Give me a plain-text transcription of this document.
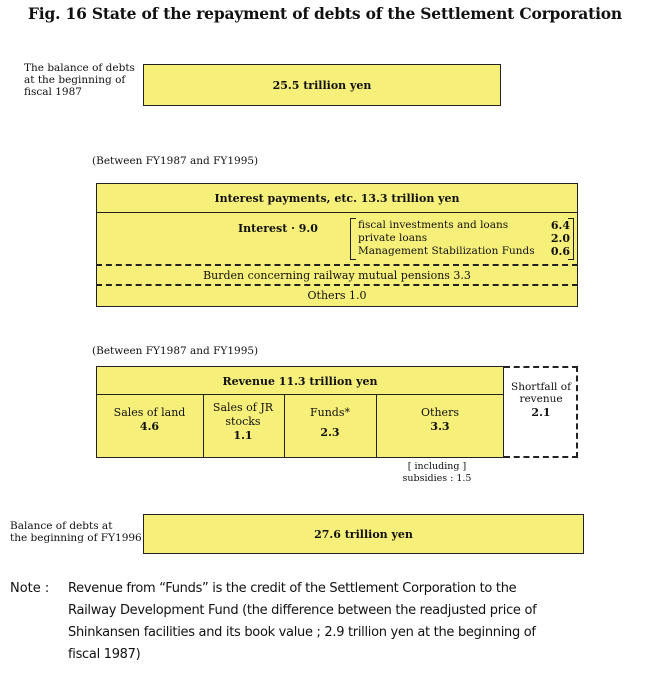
Fig. 16 State of the repayment of debts of the Settlement Corporation
The balance of debts
at the beginning of
fiscal 1987
25.5 trillion yen
(Between FY1987 and FY1995)
Interest payments, etc. 13.3 trillion yen
Interest · 9.0	fiscal investments and loans	6.4
private loans	2.0
Management Stabilization Funds 0.6
Burden concerning railway mutual pensions 3.3
Others 1.0
(Between FY1987 and FY1995)
Revenue 11.3 trillion yen
Sales of land
4.6
Sales of JR stocks
1.1
Funds*
2.3
Others
3.3
Shortfall of revenue
2.1
[ including ]
subsidies : 1.5
Balance of debts at
the beginning of FY1996	27.6 trillion yen
Note :	Revenue from “Funds” is the credit of the Settlement Corporation to the
Railway Development Fund (the difference between the readjusted price of
Shinkansen facilities and its book value ; 2.9 trillion yen at the beginning of
fiscal 1987)
